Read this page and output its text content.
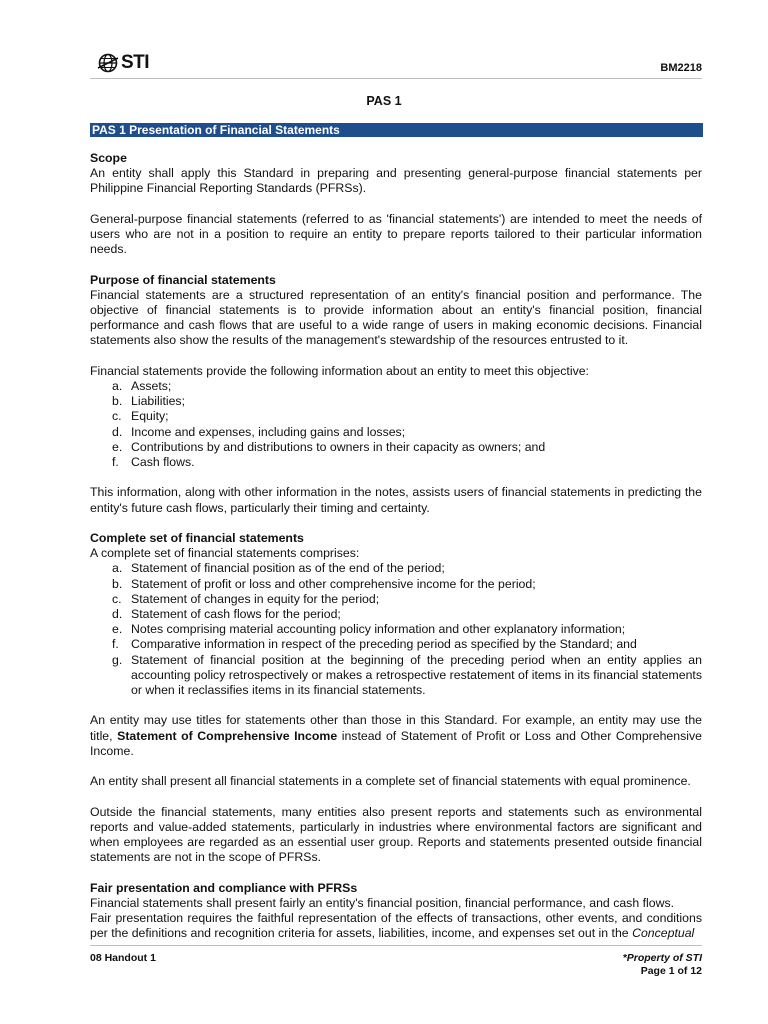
STI	BM2218
PAS 1
PAS 1 Presentation of Financial Statements
Scope

An entity shall apply this Standard in preparing and presenting general-purpose financial statements per Philippine Financial Reporting Standards (PFRSs).

General-purpose financial statements (referred to as 'financial statements') are intended to meet the needs of users who are not in a position to require an entity to prepare reports tailored to their particular information needs.

Purpose of financial statements

Financial statements are a structured representation of an entity's financial position and performance. The objective of financial statements is to provide information about an entity's financial position, financial performance and cash flows that are useful to a wide range of users in making economic decisions. Financial statements also show the results of the management's stewardship of the resources entrusted to it.

Financial statements provide the following information about an entity to meet this objective:

a. Assets;
b. Liabilities;
c. Equity;
d. Income and expenses, including gains and losses;
e. Contributions by and distributions to owners in their capacity as owners; and
f. Cash flows.

This information, along with other information in the notes, assists users of financial statements in predicting the entity's future cash flows, particularly their timing and certainty.

Complete set of financial statements

A complete set of financial statements comprises:

a. Statement of financial position as of the end of the period;
b. Statement of profit or loss and other comprehensive income for the period;
c. Statement of changes in equity for the period;
d. Statement of cash flows for the period;
e. Notes comprising material accounting policy information and other explanatory information;
f. Comparative information in respect of the preceding period as specified by the Standard; and
g. Statement of financial position at the beginning of the preceding period when an entity applies an accounting policy retrospectively or makes a retrospective restatement of items in its financial statements or when it reclassifies items in its financial statements.

An entity may use titles for statements other than those in this Standard. For example, an entity may use the title, Statement of Comprehensive Income instead of Statement of Profit or Loss and Other Comprehensive Income.

An entity shall present all financial statements in a complete set of financial statements with equal prominence.

Outside the financial statements, many entities also present reports and statements such as environmental reports and value-added statements, particularly in industries where environmental factors are significant and when employees are regarded as an essential user group. Reports and statements presented outside financial statements are not in the scope of PFRSs.

Fair presentation and compliance with PFRSs

Financial statements shall present fairly an entity's financial position, financial performance, and cash flows.

Fair presentation requires the faithful representation of the effects of transactions, other events, and conditions per the definitions and recognition criteria for assets, liabilities, income, and expenses set out in the Conceptual

08 Handout 1	*Property of STI
Page 1 of 12
